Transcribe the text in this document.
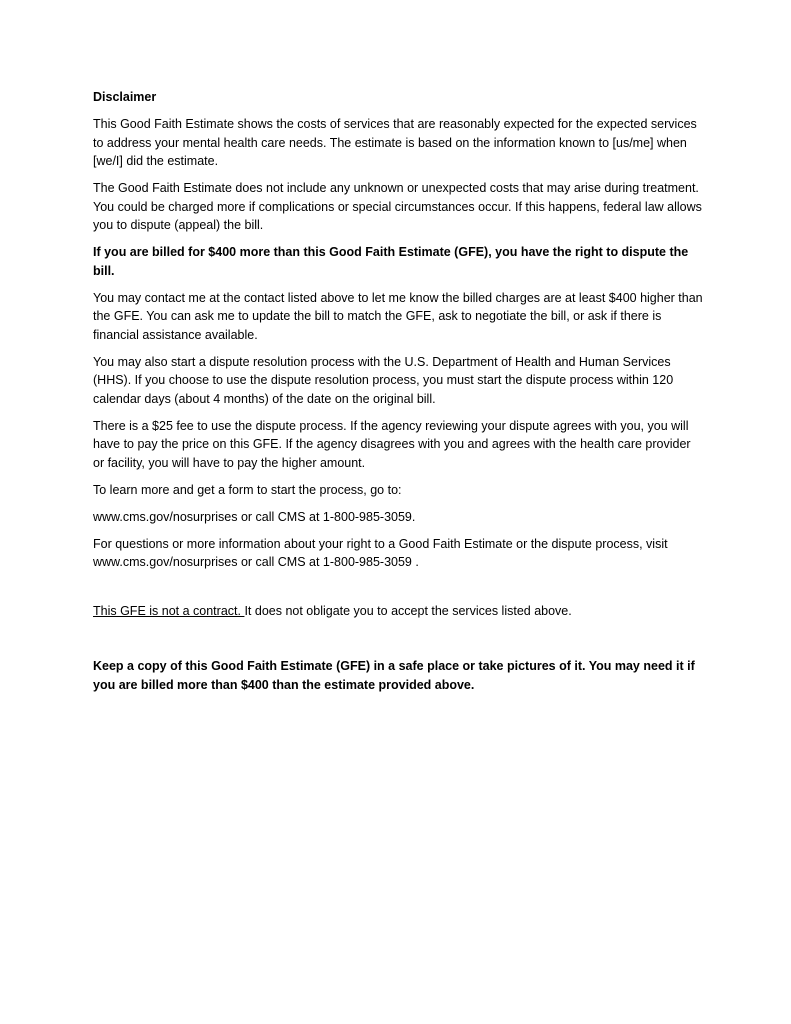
Disclaimer

This Good Faith Estimate shows the costs of services that are reasonably expected for the expected services to address your mental health care needs. The estimate is based on the information known to [us/me] when [we/I] did the estimate.

The Good Faith Estimate does not include any unknown or unexpected costs that may arise during treatment. You could be charged more if complications or special circumstances occur. If this happens, federal law allows you to dispute (appeal) the bill.

If you are billed for $400 more than this Good Faith Estimate (GFE), you have the right to dispute the bill.

You may contact me at the contact listed above to let me know the billed charges are at least $400 higher than the GFE. You can ask me to update the bill to match the GFE, ask to negotiate the bill, or ask if there is financial assistance available.

You may also start a dispute resolution process with the U.S. Department of Health and Human Services (HHS). If you choose to use the dispute resolution process, you must start the dispute process within 120 calendar days (about 4 months) of the date on the original bill.

There is a $25 fee to use the dispute process. If the agency reviewing your dispute agrees with you, you will have to pay the price on this GFE. If the agency disagrees with you and agrees with the health care provider or facility, you will have to pay the higher amount.

To learn more and get a form to start the process, go to:

www.cms.gov/nosurprises or call CMS at 1-800-985-3059.

For questions or more information about your right to a Good Faith Estimate or the dispute process, visit www.cms.gov/nosurprises or call CMS at 1-800-985-3059 .

This GFE is not a contract. It does not obligate you to accept the services listed above.

Keep a copy of this Good Faith Estimate (GFE) in a safe place or take pictures of it. You may need it if you are billed more than $400 than the estimate provided above.
